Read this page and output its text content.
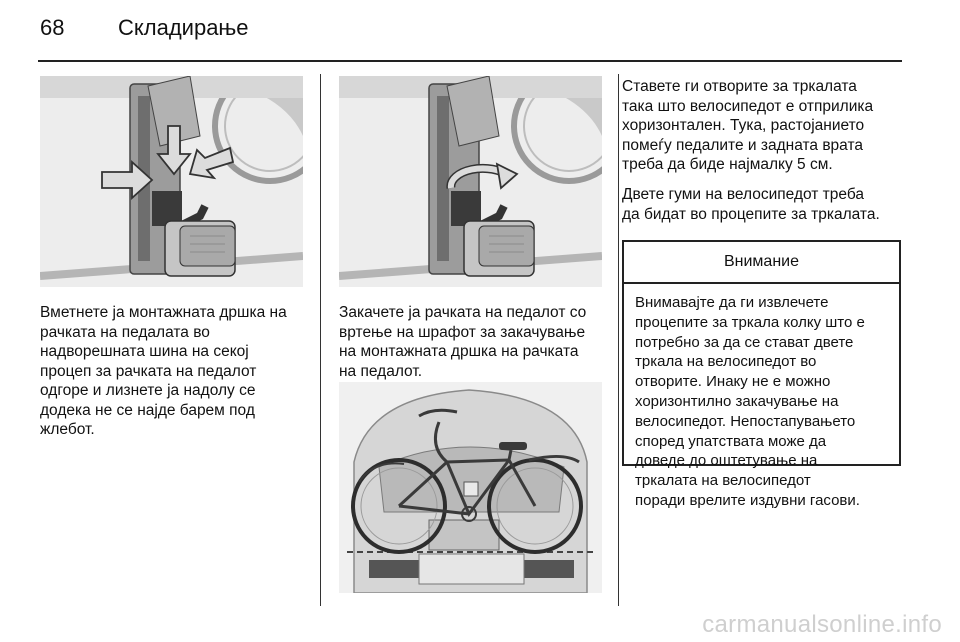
68 Складирање
Вметнете ја монтажната дршка на
рачката на педалата во
надворешната шина на секој
процеп за рачката на педалот
одгоре и лизнете ја надолу се
додека не се најде барем под
жлебот.
Закачете ја рачката на педалот со
вртење на шрафот за закачување
на монтажната дршка на рачката
на педалот.
Ставете ги отворите за тркалата
така што велосипедот е отприлика
хоризонтален. Тука, растојанието
помеѓу педалите и задната врата
треба да биде најмалку 5 см.
Двете гуми на велосипедот треба
да бидат во процепите за тркалата.
Внимание
Внимавајте да ги извлечете
процепите за тркала колку што е
потребно за да се стават двете
тркала на велосипедот во
отворите. Инаку не е можно
хоризонтилно закачување на
велосипедот. Непостапувањето
според упатствата може да
доведе до оштетување на
тркалата на велосипедот
поради врелите издувни гасови.
carmanualsonline.info
